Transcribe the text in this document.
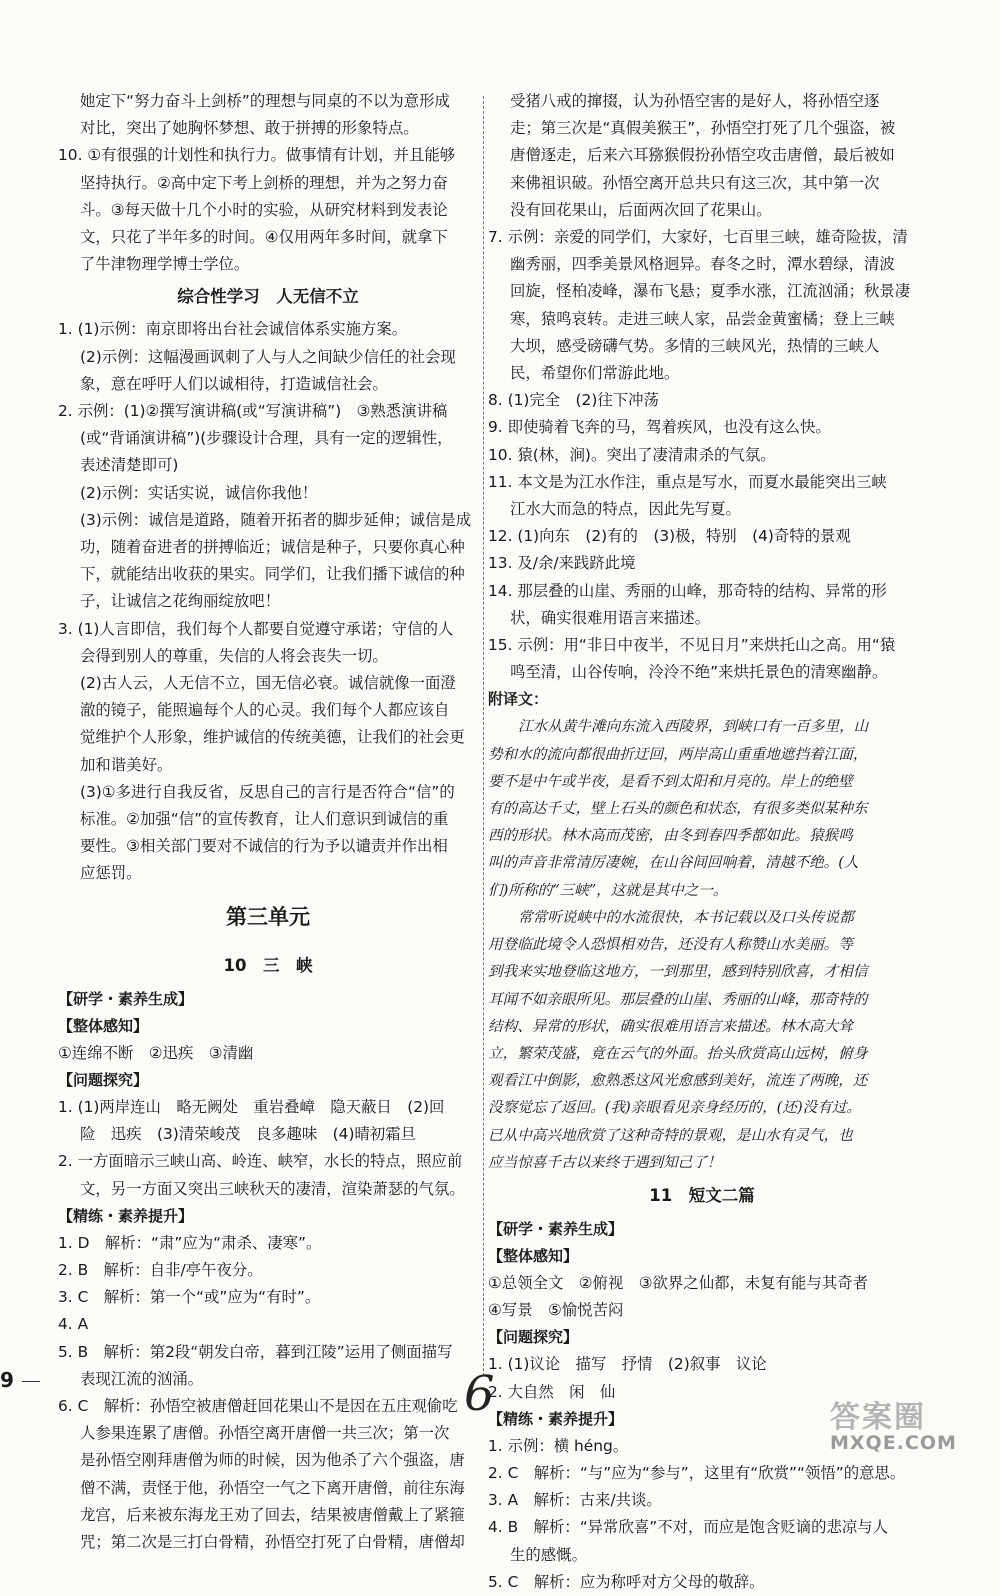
她定下“努力奋斗上剑桥”的理想与同桌的不以为意形成
对比，突出了她胸怀梦想、敢于拼搏的形象特点。
10. ①有很强的计划性和执行力。做事情有计划，并且能够
坚持执行。②高中定下考上剑桥的理想，并为之努力奋
斗。③每天做十几个小时的实验，从研究材料到发表论
文，只花了半年多的时间。④仅用两年多时间，就拿下
了牛津物理学博士学位。
综合性学习　人无信不立
1. (1)示例：南京即将出台社会诚信体系实施方案。
(2)示例：这幅漫画讽刺了人与人之间缺少信任的社会现
象，意在呼吁人们以诚相待，打造诚信社会。
2. 示例：(1)②撰写演讲稿(或“写演讲稿”)　③熟悉演讲稿
(或“背诵演讲稿”)(步骤设计合理，具有一定的逻辑性，
表述清楚即可)
(2)示例：实话实说，诚信你我他！
(3)示例：诚信是道路，随着开拓者的脚步延伸；诚信是成
功，随着奋进者的拼搏临近；诚信是种子，只要你真心种
下，就能结出收获的果实。同学们，让我们播下诚信的种
子，让诚信之花绚丽绽放吧！
3. (1)人言即信，我们每个人都要自觉遵守承诺；守信的人
会得到别人的尊重，失信的人将会丧失一切。
(2)古人云，人无信不立，国无信必衰。诚信就像一面澄
澈的镜子，能照遍每个人的心灵。我们每个人都应该自
觉维护个人形象，维护诚信的传统美德，让我们的社会更
加和谐美好。
(3)①多进行自我反省，反思自己的言行是否符合“信”的
标准。②加强“信”的宣传教育，让人们意识到诚信的重
要性。③相关部门要对不诚信的行为予以谴责并作出相
应惩罚。
第三单元
10　三　峡
【研学・素养生成】
【整体感知】
①连绵不断　②迅疾　③清幽
【问题探究】
1. (1)两岸连山　略无阙处　重岩叠嶂　隐天蔽日　(2)回
险　迅疾　(3)清荣峻茂　良多趣味　(4)晴初霜旦
2. 一方面暗示三峡山高、岭连、峡窄，水长的特点，照应前
文，另一方面又突出三峡秋天的凄清，渲染萧瑟的气氛。
【精练・素养提升】
1. D　解析：“肃”应为“肃杀、凄寒”。
2. B　解析：自非/亭午夜分。
3. C　解析：第一个“或”应为“有时”。
4. A
5. B　解析：第2段“朝发白帝，暮到江陵”运用了侧面描写
表现江流的汹涌。
6. C　解析：孙悟空被唐僧赶回花果山不是因在五庄观偷吃
人参果连累了唐僧。孙悟空离开唐僧一共三次；第一次
是孙悟空刚拜唐僧为师的时候，因为他杀了六个强盗，唐
僧不满，责怪于他，孙悟空一气之下离开唐僧，前往东海
龙宫，后来被东海龙王劝了回去，结果被唐僧戴上了紧箍
咒；第二次是三打白骨精，孙悟空打死了白骨精，唐僧却
受猪八戒的撺掇，认为孙悟空害的是好人，将孙悟空逐
走；第三次是“真假美猴王”，孙悟空打死了几个强盗，被
唐僧逐走，后来六耳猕猴假扮孙悟空攻击唐僧，最后被如
来佛祖识破。孙悟空离开总共只有这三次，其中第一次
没有回花果山，后面两次回了花果山。
7. 示例：亲爱的同学们，大家好，七百里三峡，雄奇险拔，清
幽秀丽，四季美景风格迥异。春冬之时，潭水碧绿，清波
回旋，怪柏凌峰，瀑布飞悬；夏季水涨，江流汹涌；秋景凄
寒，猿鸣哀转。走进三峡人家，品尝金黄蜜橘；登上三峡
大坝，感受磅礴气势。多情的三峡风光，热情的三峡人
民，希望你们常游此地。
8. (1)完全　(2)往下冲荡
9. 即使骑着飞奔的马，驾着疾风，也没有这么快。
10. 猿(林，涧)。突出了凄清肃杀的气氛。
11. 本文是为江水作注，重点是写水，而夏水最能突出三峡
江水大而急的特点，因此先写夏。
12. (1)向东　(2)有的　(3)极，特别　(4)奇特的景观
13. 及/余/来践跻此境
14. 那层叠的山崖、秀丽的山峰，那奇特的结构、异常的形
状，确实很难用语言来描述。
15. 示例：用“非日中夜半，不见日月”来烘托山之高。用“猿
鸣至清，山谷传响，泠泠不绝”来烘托景色的清寒幽静。
附译文：
江水从黄牛滩向东流入西陵界，到峡口有一百多里，山
势和水的流向都很曲折迂回，两岸高山重重地遮挡着江面，
要不是中午或半夜，是看不到太阳和月亮的。岸上的绝壁
有的高达千丈，壁上石头的颜色和状态，有很多类似某种东
西的形状。林木高而茂密，由冬到春四季都如此。猿猴鸣
叫的声音非常清厉凄婉，在山谷间回响着，清越不绝。(人
们)所称的“三峡”，这就是其中之一。
常常听说峡中的水流很快，本书记载以及口头传说都
用登临此境令人恐惧相劝告，还没有人称赞山水美丽。等
到我来实地登临这地方，一到那里，感到特别欣喜，才相信
耳闻不如亲眼所见。那层叠的山崖、秀丽的山峰，那奇特的
结构、异常的形状，确实很难用语言来描述。林木高大耸
立，繁荣茂盛，竟在云气的外面。抬头欣赏高山远树，俯身
观看江中倒影，愈熟悉这风光愈感到美好，流连了两晚，还
没察觉忘了返回。(我)亲眼看见亲身经历的，(还)没有过。
已从中高兴地欣赏了这种奇特的景观，是山水有灵气，也
应当惊喜千古以来终于遇到知己了！
11　短文二篇
【研学・素养生成】
【整体感知】
①总领全文　②俯视　③欲界之仙都，未复有能与其奇者
④写景　⑤愉悦苦闷
【问题探究】
1. (1)议论　描写　抒情　(2)叙事　议论
2. 大自然　闲　仙
【精练・素养提升】
1. 示例：横 héng。
2. C　解析：“与”应为“参与”，这里有“欣赏”“领悟”的意思。
3. A　解析：古来/共谈。
4. B　解析：“异常欣喜”不对，而应是饱含贬谪的悲凉与人
生的感慨。
5. C　解析：应为称呼对方父母的敬辞。
9	6	答案圈
MXQE.COM
